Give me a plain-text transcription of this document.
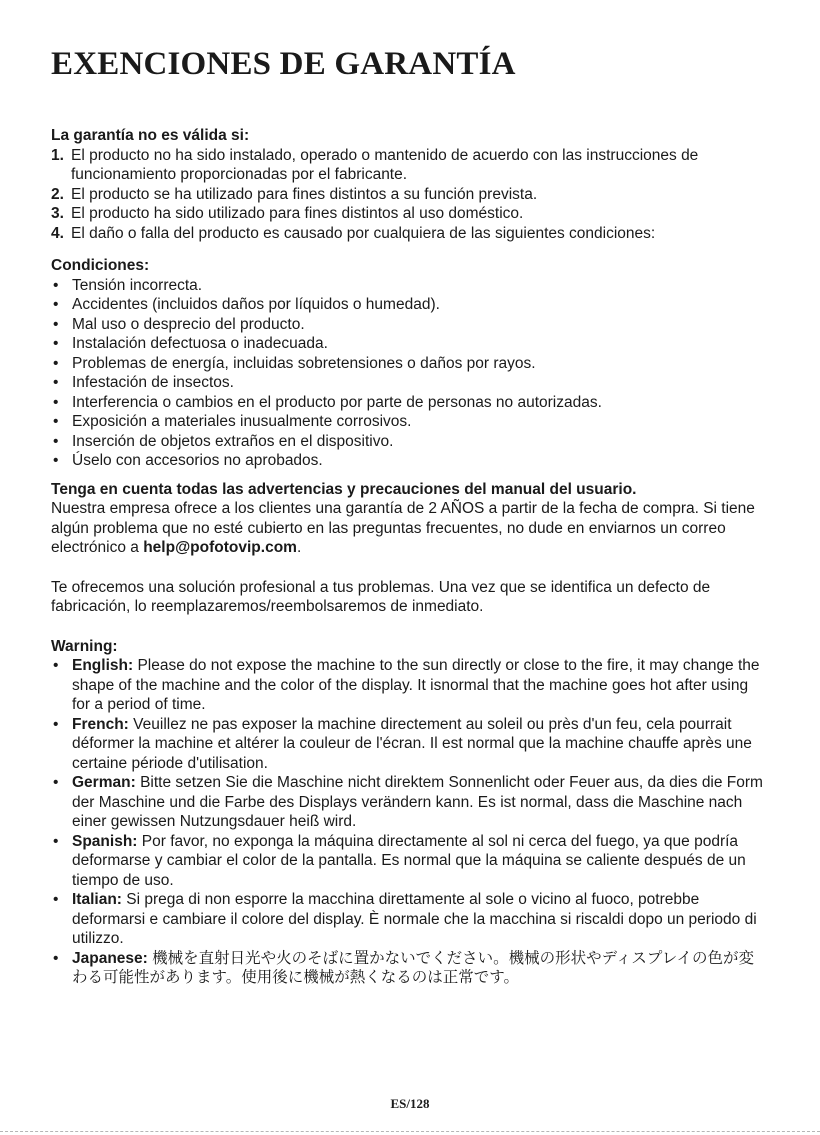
EXENCIONES DE GARANTÍA
La garantía no es válida si:
1. El producto no ha sido instalado, operado o mantenido de acuerdo con las instrucciones de funcionamiento proporcionadas por el fabricante.
2. El producto se ha utilizado para fines distintos a su función prevista.
3. El producto ha sido utilizado para fines distintos al uso doméstico.
4. El daño o falla del producto es causado por cualquiera de las siguientes condiciones:
Condiciones:
• Tensión incorrecta.
• Accidentes (incluidos daños por líquidos o humedad).
• Mal uso o desprecio del producto.
• Instalación defectuosa o inadecuada.
• Problemas de energía, incluidas sobretensiones o daños por rayos.
• Infestación de insectos.
• Interferencia o cambios en el producto por parte de personas no autorizadas.
• Exposición a materiales inusualmente corrosivos.
• Inserción de objetos extraños en el dispositivo.
• Úselo con accesorios no aprobados.
Tenga en cuenta todas las advertencias y precauciones del manual del usuario.
Nuestra empresa ofrece a los clientes una garantía de 2 AÑOS a partir de la fecha de compra. Si tiene algún problema que no esté cubierto en las preguntas frecuentes, no dude en enviarnos un correo electrónico a help@pofotovip.com.
Te ofrecemos una solución profesional a tus problemas. Una vez que se identifica un defecto de fabricación, lo reemplazaremos/reembolsaremos de inmediato.
Warning:
• English: Please do not expose the machine to the sun directly or close to the fire, it may change the shape of the machine and the color of the display. It isnormal that the machine goes hot after using for a period of time.
• French: Veuillez ne pas exposer la machine directement au soleil ou près d'un feu, cela pourrait déformer la machine et altérer la couleur de l'écran. Il est normal que la machine chauffe après une certaine période d'utilisation.
• German: Bitte setzen Sie die Maschine nicht direktem Sonnenlicht oder Feuer aus, da dies die Form der Maschine und die Farbe des Displays verändern kann. Es ist normal, dass die Maschine nach einer gewissen Nutzungsdauer heiß wird.
• Spanish: Por favor, no exponga la máquina directamente al sol ni cerca del fuego, ya que podría deformarse y cambiar el color de la pantalla. Es normal que la máquina se caliente después de un tiempo de uso.
• Italian: Si prega di non esporre la macchina direttamente al sole o vicino al fuoco, potrebbe deformarsi e cambiare il colore del display. È normale che la macchina si riscaldi dopo un periodo di utilizzo.
• Japanese: 機械を直射日光や火のそばに置かないでください。機械の形状やディスプレイの色が変わる可能性があります。使用後に機械が熱くなるのは正常です。
ES/128
